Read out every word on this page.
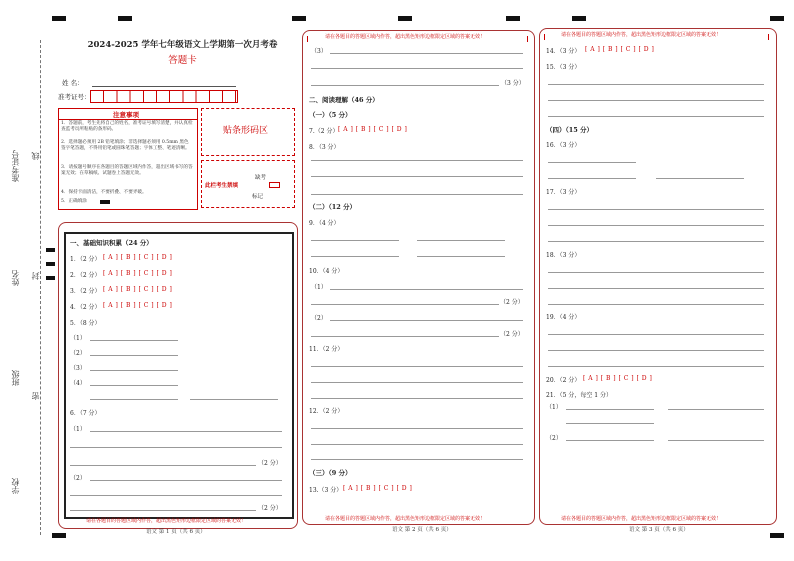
准考证号 线
姓名 封
班级
密
学校
2024-2025 学年七年级语文上学期第一次月考卷
答题卡
姓 名：
准考证号：
注意事项
1．答题前，考生先将自己的姓名，准考证号填写清楚，并认真检查监考员所粘贴的条形码。
2．选择题必须用 2B 铅笔填涂；非选择题必须用 0.5mm 黑色签字笔答题，不得用铅笔或圆珠笔答题；字体工整、笔迹清晰。
3．请按题号顺序在各题目的答题区域内作答，超出区域书写的答案无效；在草稿纸、试题卷上答题无效。
4．保持卡面清洁，不要折叠、不要弄破。
5．正确填涂
贴条形码区
此栏考生禁填
缺考
标记
一、基础知识积累（24 分）
1．（2 分） [ A ] [ B ] [ C ] [ D ]
2．（2 分） [ A ] [ B ] [ C ] [ D ]
3．（2 分） [ A ] [ B ] [ C ] [ D ]
4．（2 分） [ A ] [ B ] [ C ] [ D ]
5．（8 分）
（1）
（2）
（3）
（4）
6．（7 分）
（1）
（2 分）
（2）
（2 分）
请在各题目的答题区域内作答，超出黑色矩形边框限定区域的答案无效！
语文 第 1 页（共 6 页）
请在各题目的答题区域内作答，超出黑色矩形边框限定区域的答案无效！
（3）
（3 分）
二、阅读理解（46 分）
（一）（5 分）
7.（2 分） [ A ] [ B ] [ C ] [ D ]
8．（3 分）
（二）（12 分）
9．（4 分）
10．（4 分）
（1）
（2 分）
（2）
（2 分）
11．（2 分）
12．（2 分）
（三）（9 分）
13.（3 分） [ A ] [ B ] [ C ] [ D ]
请在各题目的答题区域内作答，超出黑色矩形边框限定区域的答案无效！
语文 第 2 页（共 6 页）
请在各题目的答题区域内作答，超出黑色矩形边框限定区域的答案无效！
14．（3 分） [ A ] [ B ] [ C ] [ D ]
15．（3 分）
（四）（15 分）
16．（3 分）
17．（3 分）
18．（3 分）
19．（4 分）
20．（2 分） [ A ] [ B ] [ C ] [ D ]
21．（5 分，每空 1 分）
（1）
（2）
请在各题目的答题区域内作答，超出黑色矩形边框限定区域的答案无效！
语文 第 3 页（共 6 页）
